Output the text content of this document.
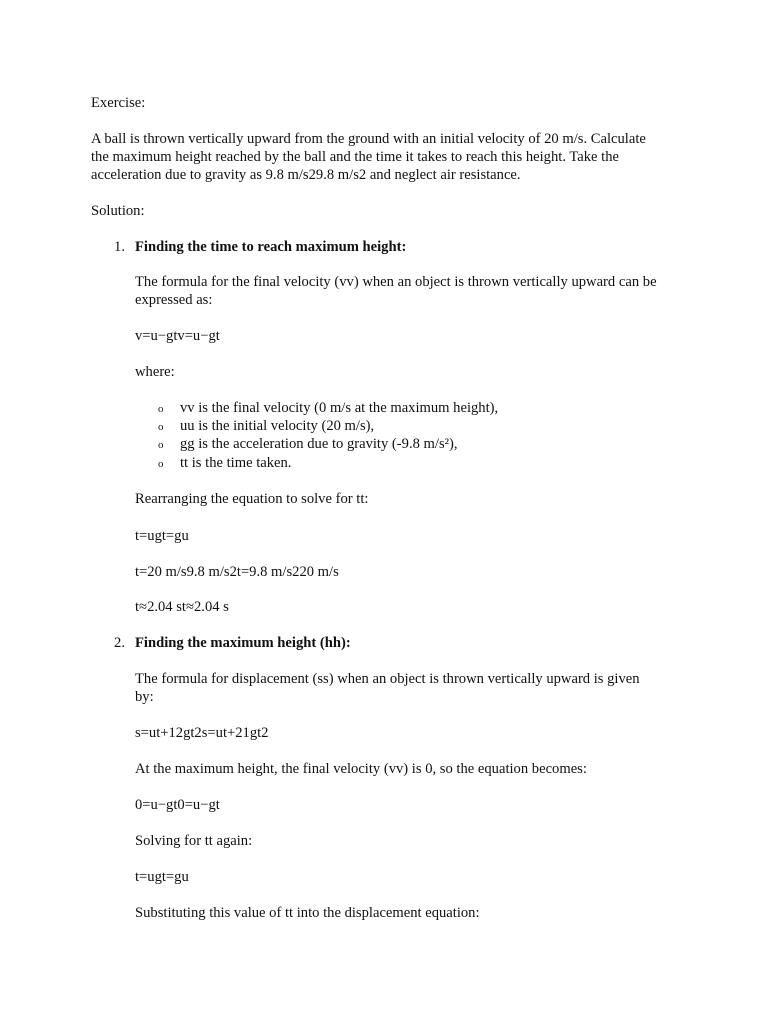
Exercise:
A ball is thrown vertically upward from the ground with an initial velocity of 20 m/s. Calculate
the maximum height reached by the ball and the time it takes to reach this height. Take the
acceleration due to gravity as 9.8 m/s29.8 m/s2 and neglect air resistance.
Solution:
1. Finding the time to reach maximum height:
The formula for the final velocity (vv) when an object is thrown vertically upward can be
expressed as:
v=u−gtv=u−gt
where:
o vv is the final velocity (0 m/s at the maximum height),
o uu is the initial velocity (20 m/s),
o gg is the acceleration due to gravity (-9.8 m/s²),
o tt is the time taken.
Rearranging the equation to solve for tt:
t=ugt=gu
t=20 m/s9.8 m/s2t=9.8 m/s220 m/s
t≈2.04 st≈2.04 s
2. Finding the maximum height (hh):
The formula for displacement (ss) when an object is thrown vertically upward is given
by:
s=ut+12gt2s=ut+21gt2
At the maximum height, the final velocity (vv) is 0, so the equation becomes:
0=u−gt0=u−gt
Solving for tt again:
t=ugt=gu
Substituting this value of tt into the displacement equation:
